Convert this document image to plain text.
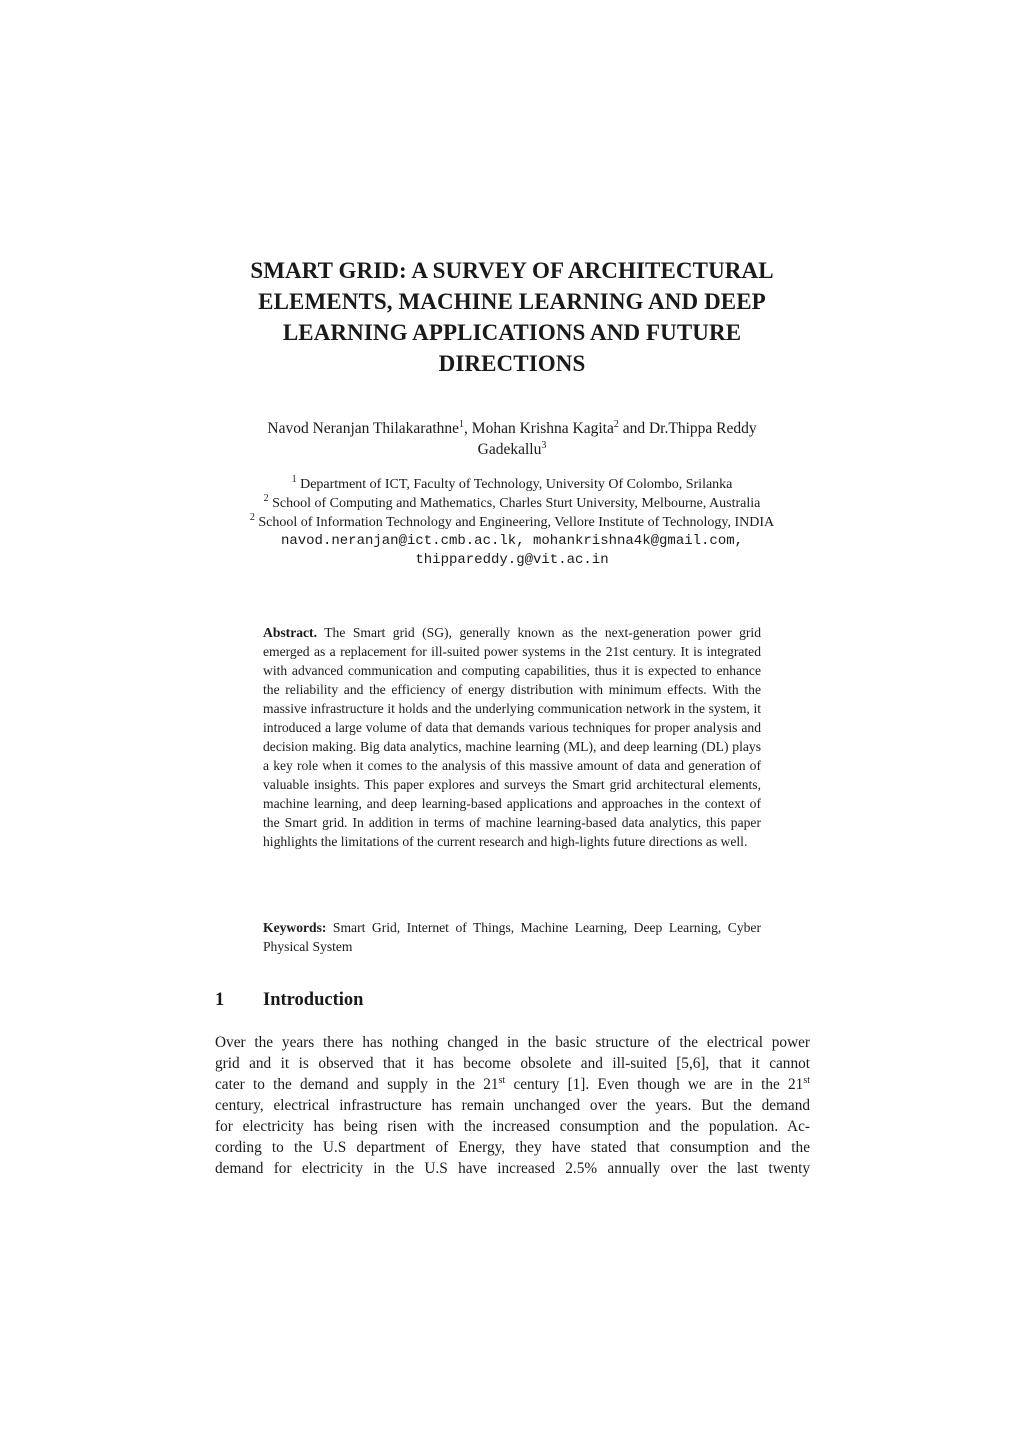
SMART GRID: A SURVEY OF ARCHITECTURAL
ELEMENTS, MACHINE LEARNING AND DEEP
LEARNING APPLICATIONS AND FUTURE
DIRECTIONS
Navod Neranjan Thilakarathne$^1$, Mohan Krishna Kagita$^2$ and Dr.Thippa Reddy
Gadekallu$^3$
$^1$ Department of ICT, Faculty of Technology, University Of Colombo, Srilanka
$^2$ School of Computing and Mathematics, Charles Sturt University, Melbourne, Australia
$^2$ School of Information Technology and Engineering, Vellore Institute of Technology, INDIA
navod.neranjan@ict.cmb.ac.lk, mohankrishna4k@gmail.com,
thippareddy.g@vit.ac.in

Abstract. The Smart grid (SG), generally known as the next-generation power grid emerged as a replacement for ill-suited power systems in the 21st century. It is integrated with advanced communication and computing capabilities, thus it is expected to enhance the reliability and the efficiency of energy distribution with minimum effects. With the massive infrastructure it holds and the underlying communication network in the system, it introduced a large volume of data that demands various techniques for proper analysis and decision making. Big data analytics, machine learning (ML), and deep learning (DL) plays a key role when it comes to the analysis of this massive amount of data and generation of valuable insights. This paper explores and surveys the Smart grid architectural elements, machine learning, and deep learning-based applications and approaches in the context of the Smart grid. In addition in terms of machine learning-based data analytics, this paper highlights the limitations of the current research and high-lights future directions as well.

Keywords: Smart Grid, Internet of Things, Machine Learning, Deep Learning, Cyber Physical System

1 Introduction
Over the years there has nothing changed in the basic structure of the electrical power
grid and it is observed that it has become obsolete and ill-suited [5,6], that it cannot
cater to the demand and supply in the 21st century [1]. Even though we are in the 21st
century, electrical infrastructure has remain unchanged over the years. But the demand
for electricity has being risen with the increased consumption and the population. Ac-
cording to the U.S department of Energy, they have stated that consumption and the
demand for electricity in the U.S have increased 2.5% annually over the last twenty
